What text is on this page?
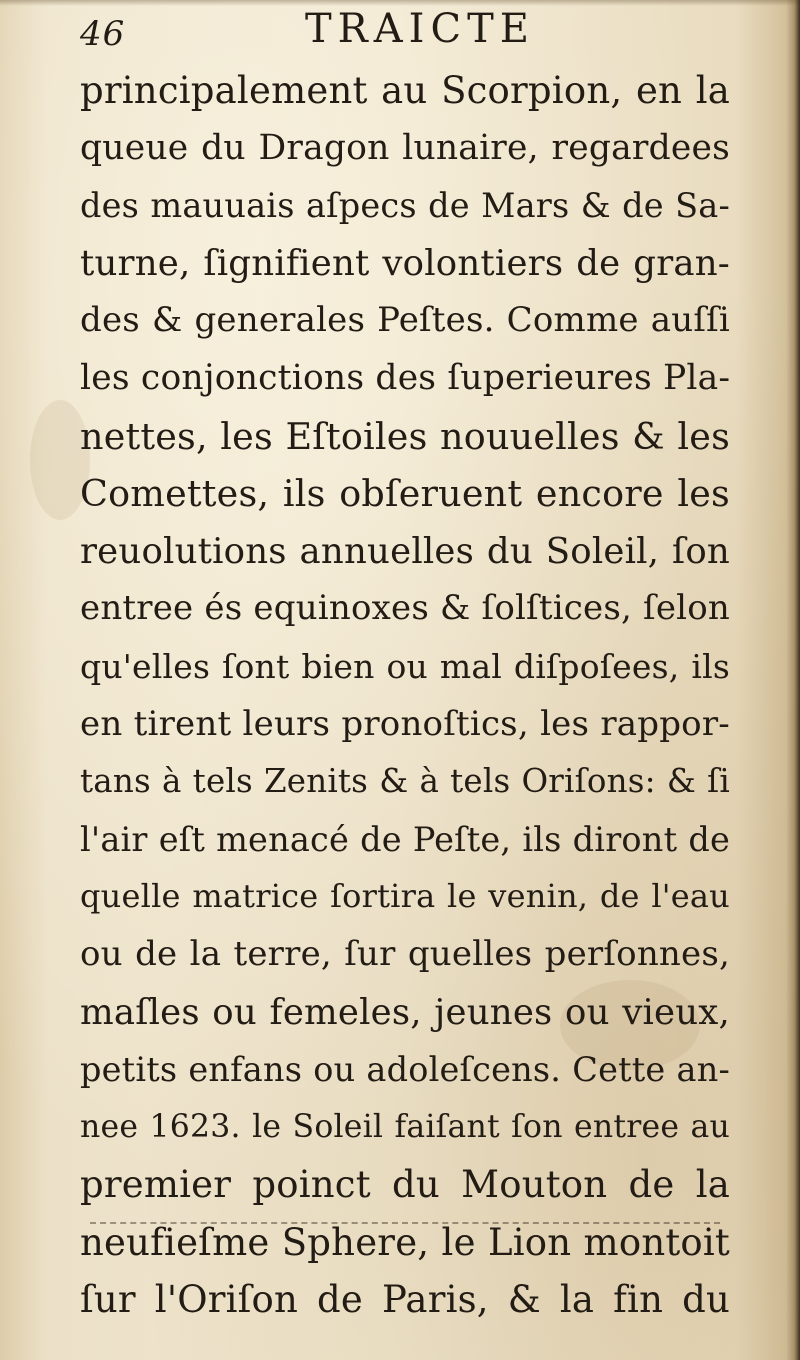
46	TRAICTE
principalement au Scorpion, en la
queue du Dragon lunaire, regardees
des mauuais aſpecs de Mars & de Sa-
turne, ſignifient volontiers de gran-
des & generales Peſtes. Comme auſſi
les conjonctions des ſuperieures Pla-
nettes, les Eſtoiles nouuelles & les
Comettes, ils obſeruent encore les
reuolutions annuelles du Soleil, ſon
entree és equinoxes & ſolſtices, ſelon
qu'elles ſont bien ou mal diſpoſees, ils
en tirent leurs pronoſtics, les rappor-
tans à tels Zenits & à tels Oriſons: & ſi
l'air eſt menacé de Peſte, ils diront de
quelle matrice ſortira le venin, de l'eau
ou de la terre, ſur quelles perſonnes,
maſles ou femeles, jeunes ou vieux,
petits enfans ou adoleſcens. Cette an-
nee 1623. le Soleil faiſant ſon entree au
premier poinct du Mouton de la
neufieſme Sphere, le Lion montoit
ſur l'Oriſon de Paris, & la fin du
